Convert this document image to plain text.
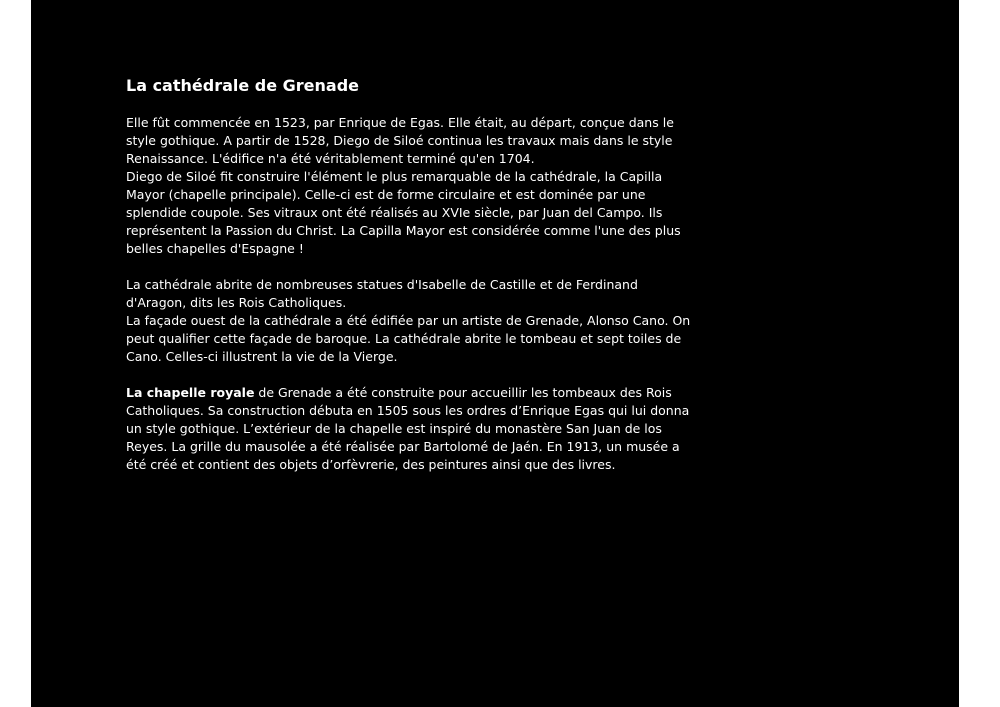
La cathédrale de Grenade

Elle fût commencée en 1523, par Enrique de Egas. Elle était, au départ, conçue dans le style gothique. A partir de 1528, Diego de Siloé continua les travaux mais dans le style Renaissance. L'édifice n'a été véritablement terminé qu'en 1704.

Diego de Siloé fit construire l'élément le plus remarquable de la cathédrale, la Capilla Mayor (chapelle principale). Celle-ci est de forme circulaire et est dominée par une splendide coupole. Ses vitraux ont été réalisés au XVIe siècle, par Juan del Campo. Ils représentent la Passion du Christ. La Capilla Mayor est considérée comme l'une des plus belles chapelles d'Espagne !

La cathédrale abrite de nombreuses statues d'Isabelle de Castille et de Ferdinand d'Aragon, dits les Rois Catholiques.

La façade ouest de la cathédrale a été édifiée par un artiste de Grenade, Alonso Cano. On peut qualifier cette façade de baroque. La cathédrale abrite le tombeau et sept toiles de Cano. Celles-ci illustrent la vie de la Vierge.

La chapelle royale de Grenade a été construite pour accueillir les tombeaux des Rois Catholiques. Sa construction débuta en 1505 sous les ordres d’Enrique Egas qui lui donna un style gothique. L’extérieur de la chapelle est inspiré du monastère San Juan de los Reyes. La grille du mausolée a été réalisée par Bartolomé de Jaén. En 1913, un musée a été créé et contient des objets d’orfèvrerie, des peintures ainsi que des livres.
